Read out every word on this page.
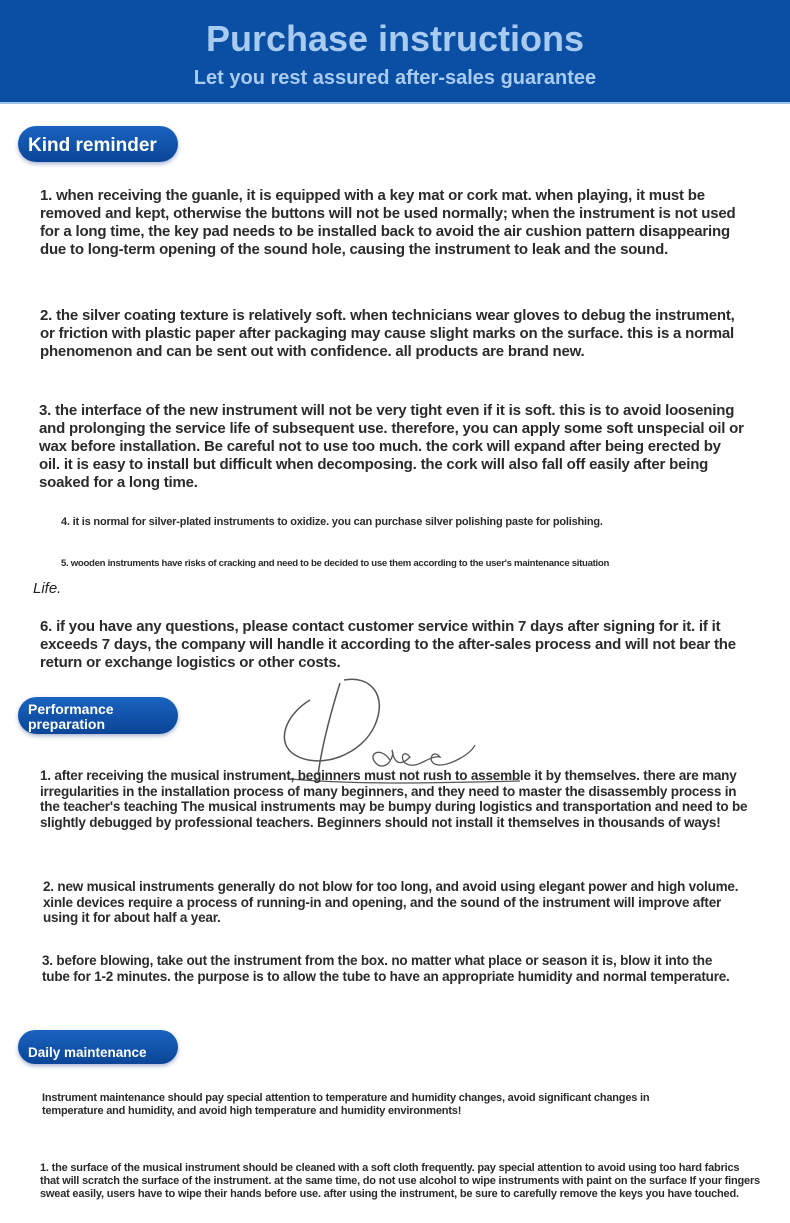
Purchase instructions
Let you rest assured after-sales guarantee
Kind reminder
1. when receiving the guanle, it is equipped with a key mat or cork mat. when playing, it must be removed and kept, otherwise the buttons will not be used normally; when the instrument is not used for a long time, the key pad needs to be installed back to avoid the air cushion pattern disappearing due to long-term opening of the sound hole, causing the instrument to leak and the sound.
2. the silver coating texture is relatively soft. when technicians wear gloves to debug the instrument, or friction with plastic paper after packaging may cause slight marks on the surface. this is a normal phenomenon and can be sent out with confidence. all products are brand new.
3. the interface of the new instrument will not be very tight even if it is soft. this is to avoid loosening and prolonging the service life of subsequent use. therefore, you can apply some soft unspecial oil or wax before installation. Be careful not to use too much. the cork will expand after being erected by oil. it is easy to install but difficult when decomposing. the cork will also fall off easily after being soaked for a long time.
4. it is normal for silver-plated instruments to oxidize. you can purchase silver polishing paste for polishing.
5. wooden instruments have risks of cracking and need to be decided to use them according to the user's maintenance situation
Life.
6. if you have any questions, please contact customer service within 7 days after signing for it. if it exceeds 7 days, the company will handle it according to the after-sales process and will not bear the return or exchange logistics or other costs.
Performance preparation
1. after receiving the musical instrument, beginners must not rush to assemble it by themselves. there are many irregularities in the installation process of many beginners, and they need to master the disassembly process in the teacher's teaching The musical instruments may be bumpy during logistics and transportation and need to be slightly debugged by professional teachers. Beginners should not install it themselves in thousands of ways!
2. new musical instruments generally do not blow for too long, and avoid using elegant power and high volume. xinle devices require a process of running-in and opening, and the sound of the instrument will improve after using it for about half a year.
3. before blowing, take out the instrument from the box. no matter what place or season it is, blow it into the tube for 1-2 minutes. the purpose is to allow the tube to have an appropriate humidity and normal temperature.
Daily maintenance
Instrument maintenance should pay special attention to temperature and humidity changes, avoid significant changes in temperature and humidity, and avoid high temperature and humidity environments!
1. the surface of the musical instrument should be cleaned with a soft cloth frequently. pay special attention to avoid using too hard fabrics that will scratch the surface of the instrument. at the same time, do not use alcohol to wipe instruments with paint on the surface If your fingers sweat easily, users have to wipe their hands before use. after using the instrument, be sure to carefully remove the keys you have touched.
